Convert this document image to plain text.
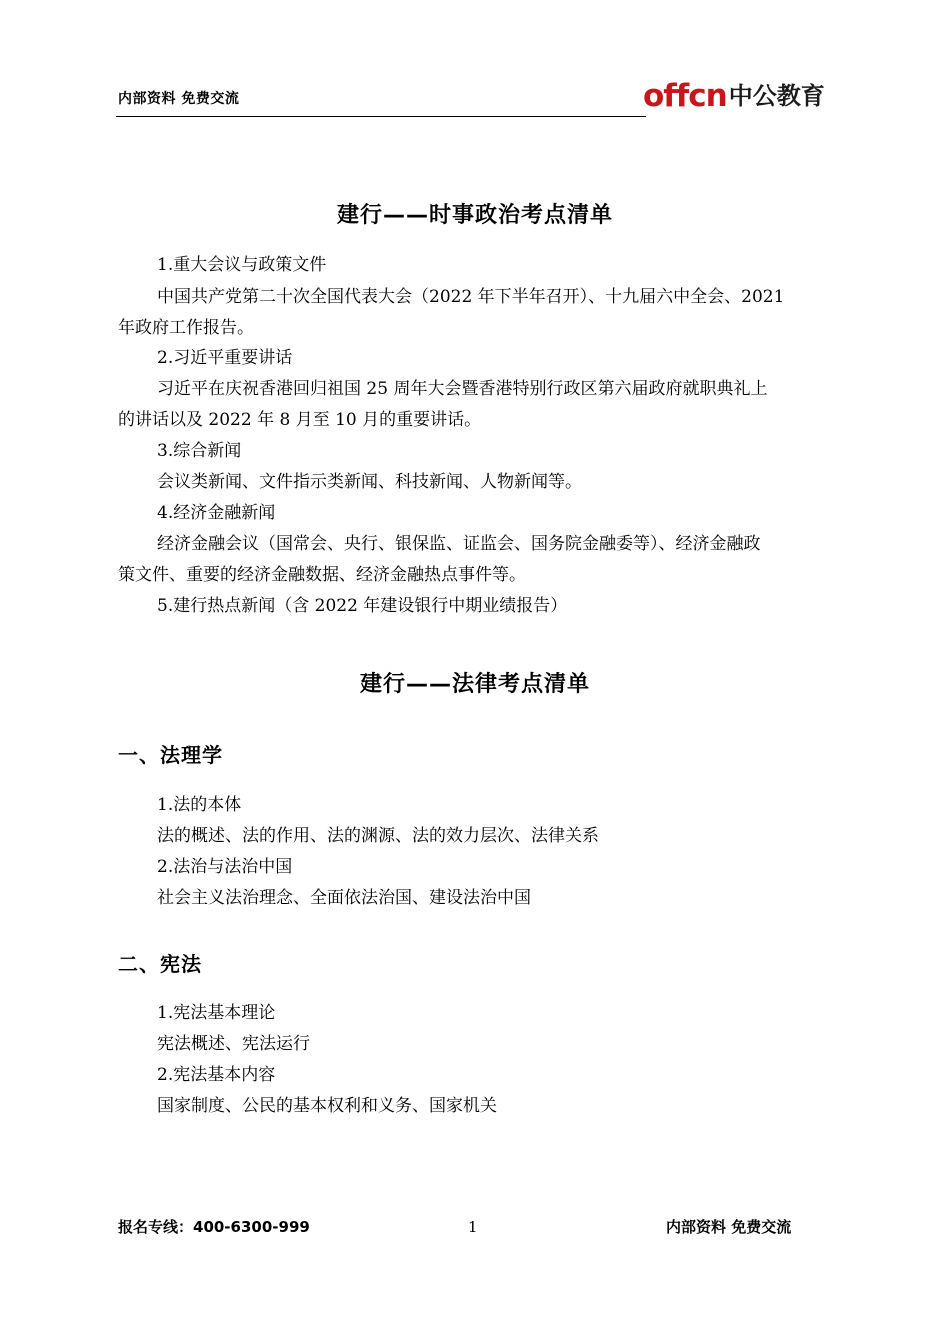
内部资料 免费交流	offcn中公教育
建行——时事政治考点清单
1.重大会议与政策文件
中国共产党第二十次全国代表大会（2022 年下半年召开）、十九届六中全会、2021
年政府工作报告。
2.习近平重要讲话
习近平在庆祝香港回归祖国 25 周年大会暨香港特别行政区第六届政府就职典礼上
的讲话以及 2022 年 8 月至 10 月的重要讲话。
3.综合新闻
会议类新闻、文件指示类新闻、科技新闻、人物新闻等。
4.经济金融新闻
经济金融会议（国常会、央行、银保监、证监会、国务院金融委等）、经济金融政
策文件、重要的经济金融数据、经济金融热点事件等。
5.建行热点新闻（含 2022 年建设银行中期业绩报告）
建行——法律考点清单
一、法理学
1.法的本体
法的概述、法的作用、法的渊源、法的效力层次、法律关系
2.法治与法治中国
社会主义法治理念、全面依法治国、建设法治中国
二、宪法
1.宪法基本理论
宪法概述、宪法运行
2.宪法基本内容
国家制度、公民的基本权利和义务、国家机关
报名专线：400-6300-999	1	内部资料 免费交流
